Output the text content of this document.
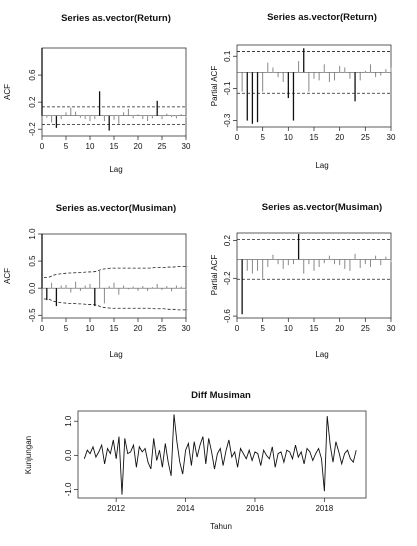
Series as.vector(Return)
Lag
ACF
0 5 10 15 20 25 30
-0.2
0.2
0.6
Series as.vector(Return)
Lag
Partial ACF
0	5 10 15 20 25 30
-0.3
-0.1
0.1
Series as.vector(Musiman)
Lag
ACF
0 5 10 15 20 25 30
-0.5
0.0
0.5
1.0
Series as.vector(Musiman)
Lag
Partial ACF
0	5 10 15 20 25 30
-0.6
-0.2
0.2
Diff Musiman
Tahun
Kunjungan
2012	2014	2016	2018
-1.0
0.0
1.0
